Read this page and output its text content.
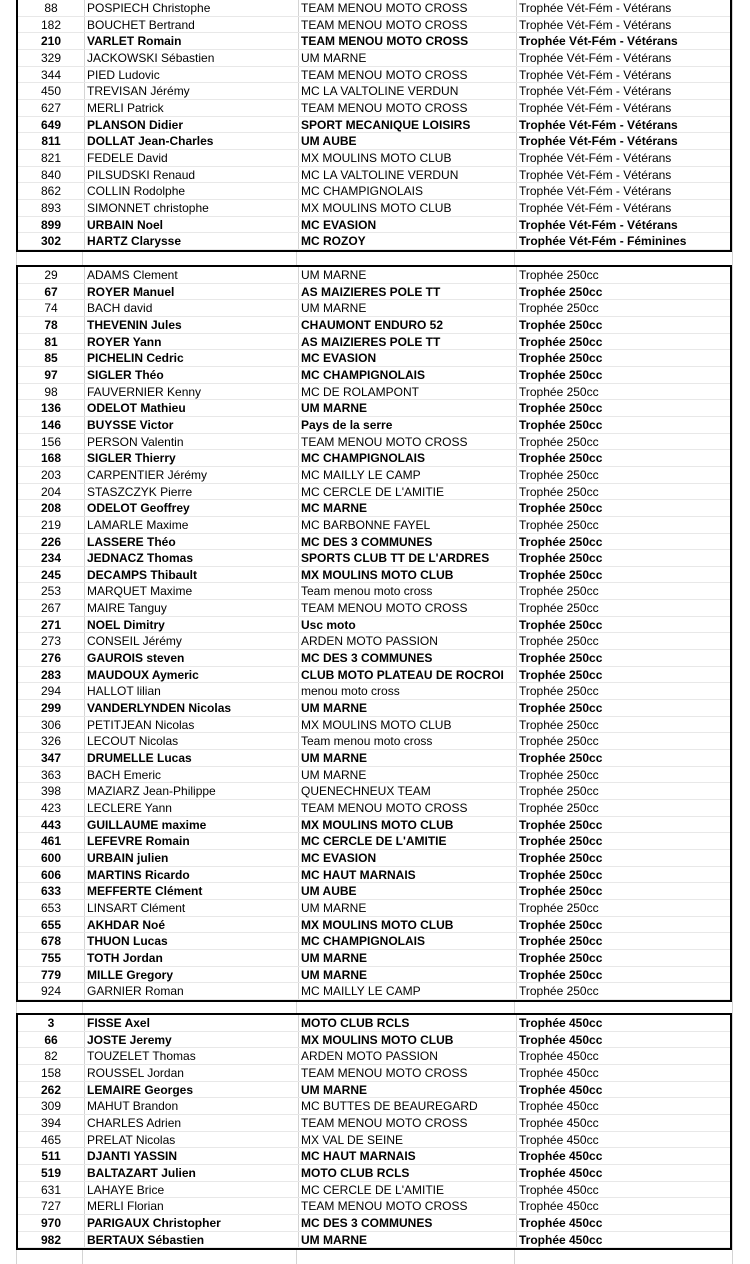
88	POSPIECH Christophe	TEAM MENOU MOTO CROSS	Trophée Vét-Fém - Vétérans
182	BOUCHET Bertrand	TEAM MENOU MOTO CROSS	Trophée Vét-Fém - Vétérans
210	VARLET Romain	TEAM MENOU MOTO CROSS	Trophée Vét-Fém - Vétérans
329	JACKOWSKI Sébastien	UM MARNE	Trophée Vét-Fém - Vétérans
344	PIED Ludovic	TEAM MENOU MOTO CROSS	Trophée Vét-Fém - Vétérans
450	TREVISAN Jérémy	MC LA VALTOLINE VERDUN	Trophée Vét-Fém - Vétérans
627	MERLI Patrick	TEAM MENOU MOTO CROSS	Trophée Vét-Fém - Vétérans
649	PLANSON Didier	SPORT MECANIQUE LOISIRS	Trophée Vét-Fém - Vétérans
811	DOLLAT Jean-Charles	UM AUBE	Trophée Vét-Fém - Vétérans
821	FEDELE David	MX MOULINS MOTO CLUB	Trophée Vét-Fém - Vétérans
840	PILSUDSKI Renaud	MC LA VALTOLINE VERDUN	Trophée Vét-Fém - Vétérans
862	COLLIN Rodolphe	MC CHAMPIGNOLAIS	Trophée Vét-Fém - Vétérans
893	SIMONNET christophe	MX MOULINS MOTO CLUB	Trophée Vét-Fém - Vétérans
899	URBAIN Noel	MC EVASION	Trophée Vét-Fém - Vétérans
302	HARTZ Clarysse	MC ROZOY	Trophée Vét-Fém - Féminines
29	ADAMS Clement	UM MARNE	Trophée 250cc
67	ROYER Manuel	AS MAIZIERES POLE TT	Trophée 250cc
74	BACH david	UM MARNE	Trophée 250cc
78	THEVENIN Jules	CHAUMONT ENDURO 52	Trophée 250cc
81	ROYER Yann	AS MAIZIERES POLE TT	Trophée 250cc
85	PICHELIN Cedric	MC EVASION	Trophée 250cc
97	SIGLER Théo	MC CHAMPIGNOLAIS	Trophée 250cc
98	FAUVERNIER Kenny	MC DE ROLAMPONT	Trophée 250cc
136	ODELOT Mathieu	UM MARNE	Trophée 250cc
146	BUYSSE Victor	Pays de la serre	Trophée 250cc
156	PERSON Valentin	TEAM MENOU MOTO CROSS	Trophée 250cc
168	SIGLER Thierry	MC CHAMPIGNOLAIS	Trophée 250cc
203	CARPENTIER Jérémy	MC MAILLY LE CAMP	Trophée 250cc
204	STASZCZYK Pierre	MC CERCLE DE L'AMITIE	Trophée 250cc
208	ODELOT Geoffrey	MC MARNE	Trophée 250cc
219	LAMARLE Maxime	MC BARBONNE FAYEL	Trophée 250cc
226	LASSERE Théo	MC DES 3 COMMUNES	Trophée 250cc
234	JEDNACZ Thomas	SPORTS CLUB TT DE L'ARDRES	Trophée 250cc
245	DECAMPS Thibault	MX MOULINS MOTO CLUB	Trophée 250cc
253	MARQUET Maxime	Team menou moto cross	Trophée 250cc
267	MAIRE Tanguy	TEAM MENOU MOTO CROSS	Trophée 250cc
271	NOEL Dimitry	Usc moto	Trophée 250cc
273	CONSEIL Jérémy	ARDEN MOTO PASSION	Trophée 250cc
276	GAUROIS steven	MC DES 3 COMMUNES	Trophée 250cc
283	MAUDOUX Aymeric	CLUB MOTO PLATEAU DE ROCROI	Trophée 250cc
294	HALLOT lilian	menou moto cross	Trophée 250cc
299	VANDERLYNDEN Nicolas	UM MARNE	Trophée 250cc
306	PETITJEAN Nicolas	MX MOULINS MOTO CLUB	Trophée 250cc
326	LECOUT Nicolas	Team menou moto cross	Trophée 250cc
347	DRUMELLE Lucas	UM MARNE	Trophée 250cc
363	BACH Emeric	UM MARNE	Trophée 250cc
398	MAZIARZ Jean-Philippe	QUENECHNEUX TEAM	Trophée 250cc
423	LECLERE Yann	TEAM MENOU MOTO CROSS	Trophée 250cc
443	GUILLAUME maxime	MX MOULINS MOTO CLUB	Trophée 250cc
461	LEFEVRE Romain	MC CERCLE DE L'AMITIE	Trophée 250cc
600	URBAIN julien	MC EVASION	Trophée 250cc
606	MARTINS Ricardo	MC HAUT MARNAIS	Trophée 250cc
633	MEFFERTE Clément	UM AUBE	Trophée 250cc
653	LINSART Clément	UM MARNE	Trophée 250cc
655	AKHDAR Noé	MX MOULINS MOTO CLUB	Trophée 250cc
678	THUON Lucas	MC CHAMPIGNOLAIS	Trophée 250cc
755	TOTH Jordan	UM MARNE	Trophée 250cc
779	MILLE Gregory	UM MARNE	Trophée 250cc
924	GARNIER Roman	MC MAILLY LE CAMP	Trophée 250cc
3	FISSE Axel	MOTO CLUB RCLS	Trophée 450cc
66	JOSTE Jeremy	MX MOULINS MOTO CLUB	Trophée 450cc
82	TOUZELET Thomas	ARDEN MOTO PASSION	Trophée 450cc
158	ROUSSEL Jordan	TEAM MENOU MOTO CROSS	Trophée 450cc
262	LEMAIRE Georges	UM MARNE	Trophée 450cc
309	MAHUT Brandon	MC BUTTES DE BEAUREGARD	Trophée 450cc
394	CHARLES Adrien	TEAM MENOU MOTO CROSS	Trophée 450cc
465	PRELAT Nicolas	MX VAL DE SEINE	Trophée 450cc
511	DJANTI YASSIN	MC HAUT MARNAIS	Trophée 450cc
519	BALTAZART Julien	MOTO CLUB RCLS	Trophée 450cc
631	LAHAYE Brice	MC CERCLE DE L'AMITIE	Trophée 450cc
727	MERLI Florian	TEAM MENOU MOTO CROSS	Trophée 450cc
970	PARIGAUX Christopher	MC DES 3 COMMUNES	Trophée 450cc
982	BERTAUX Sébastien	UM MARNE	Trophée 450cc
